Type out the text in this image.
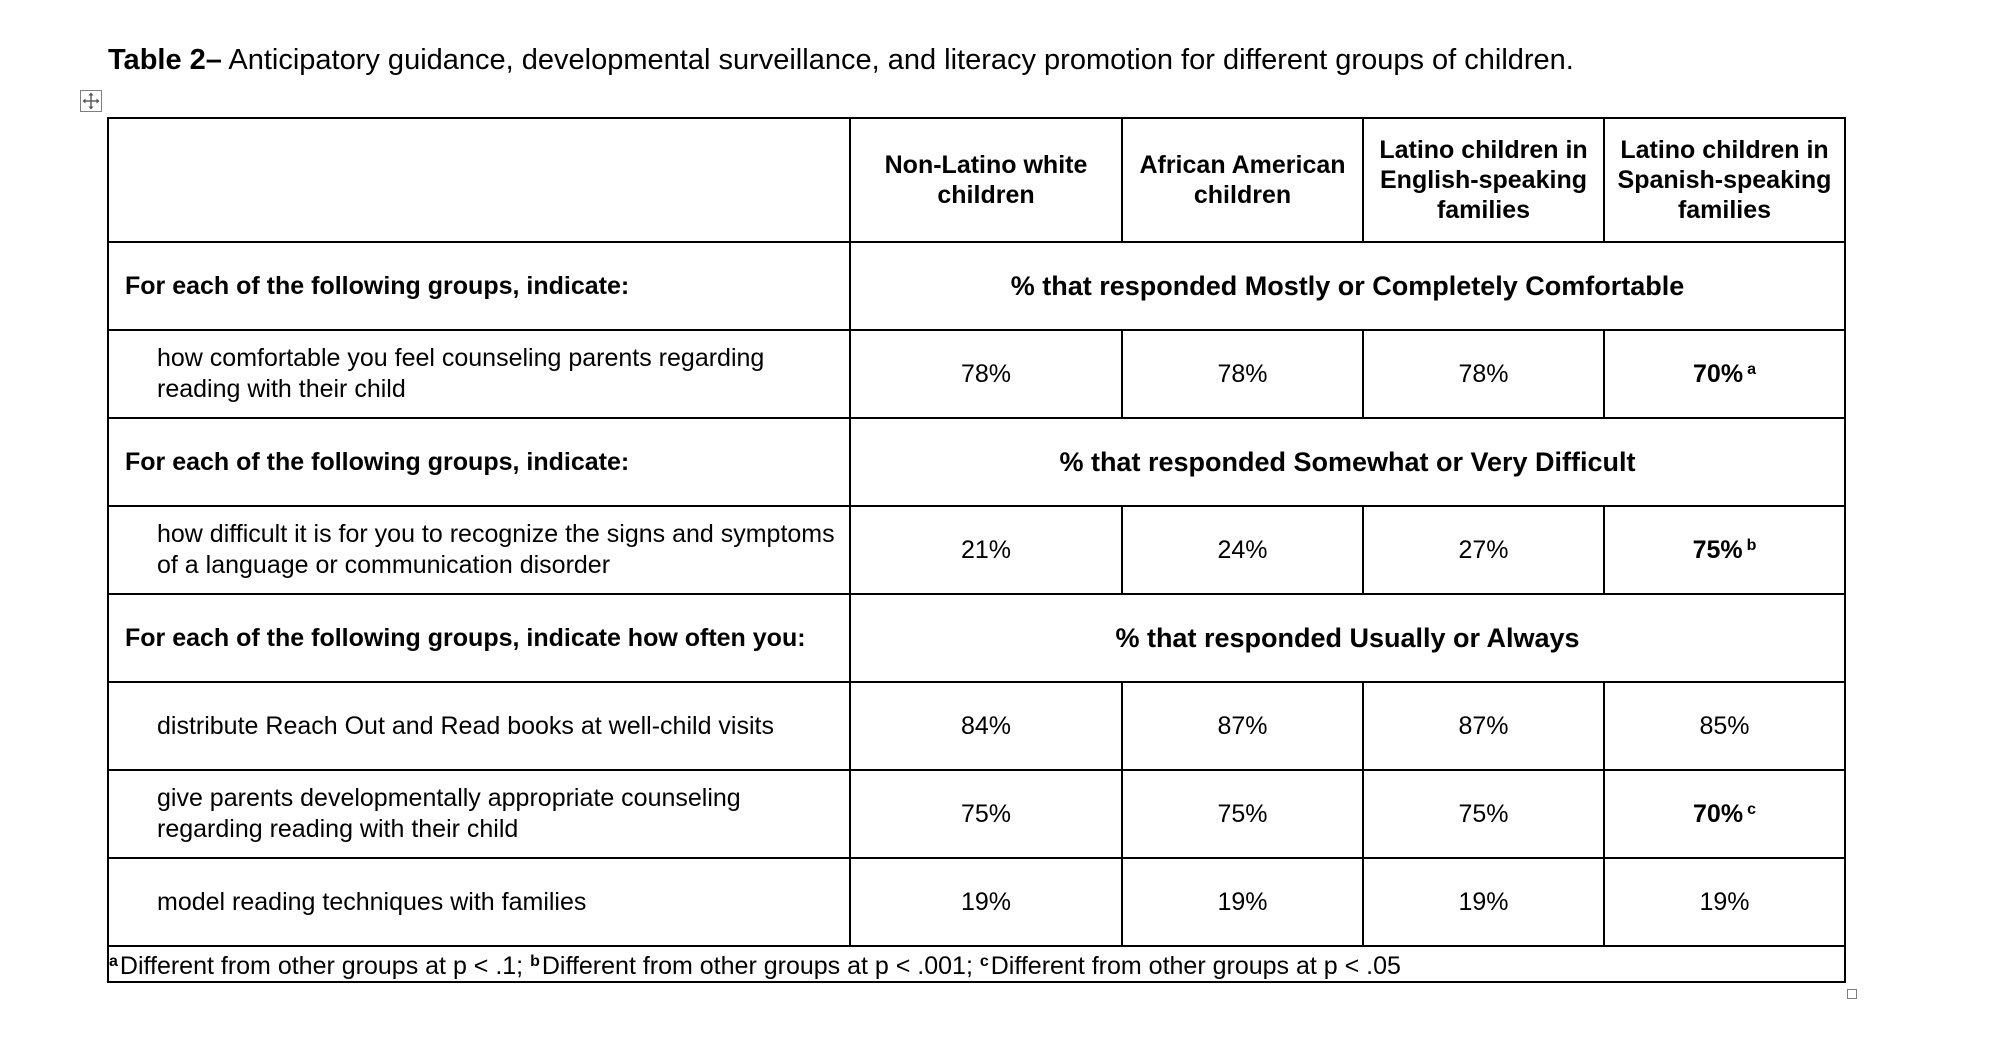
Table 2– Anticipatory guidance, developmental surveillance, and literacy promotion for different groups of children.
	Non-Latino white children	African American children	Latino children in English-speaking families	Latino children in Spanish-speaking families
For each of the following groups, indicate:	% that responded Mostly or Completely Comfortable			
how comfortable you feel counseling parents regarding reading with their child	78%	78%	78%	70% $^a$
For each of the following groups, indicate:	% that responded Somewhat or Very Difficult			
how difficult it is for you to recognize the signs and symptoms of a language or communication disorder	21%	24%	27%	75% $^b$
For each of the following groups, indicate how often you:	% that responded Usually or Always			
distribute Reach Out and Read books at well-child visits	84%	87%	87%	85%
give parents developmentally appropriate counseling regarding reading with their child	75%	75%	75%	70% $^c$
model reading techniques with families	19%	19%	19%	19%
$^a$Different from other groups at p < .1; $^b$Different from other groups at p < .001; $^c$Different from other groups at p < .05				
